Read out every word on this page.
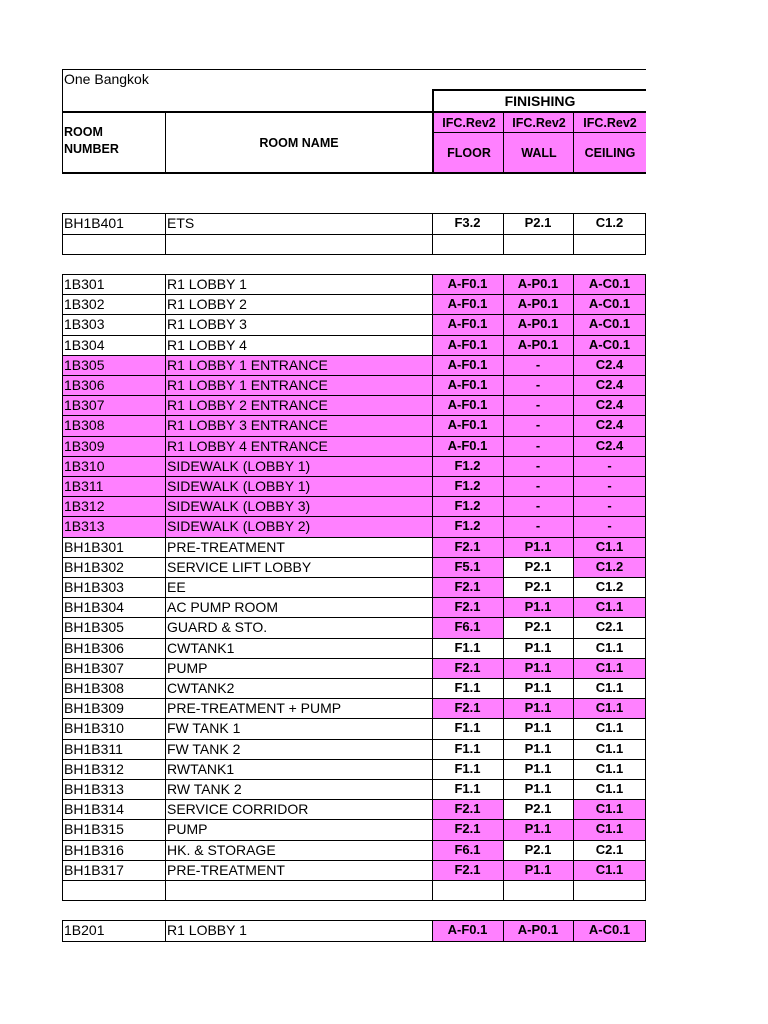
One Bangkok
FINISHING
ROOM NUMBER	ROOM NAME
IFC.Rev2	IFC.Rev2	IFC.Rev2
FLOOR	WALL	CEILING
BH1B401	ETS	F3.2	P2.1	C1.2
1B301	R1 LOBBY 1	A-F0.1	A-P0.1	A-C0.1
1B302	R1 LOBBY 2	A-F0.1	A-P0.1	A-C0.1
1B303	R1 LOBBY 3	A-F0.1	A-P0.1	A-C0.1
1B304	R1 LOBBY 4	A-F0.1	A-P0.1	A-C0.1
1B305	R1 LOBBY 1 ENTRANCE	A-F0.1	-	C2.4
1B306	R1 LOBBY 1 ENTRANCE	A-F0.1	-	C2.4
1B307	R1 LOBBY 2 ENTRANCE	A-F0.1	-	C2.4
1B308	R1 LOBBY 3 ENTRANCE	A-F0.1	-	C2.4
1B309	R1 LOBBY 4 ENTRANCE	A-F0.1	-	C2.4
1B310	SIDEWALK (LOBBY 1)	F1.2	-	-
1B311	SIDEWALK (LOBBY 1)	F1.2	-	-
1B312	SIDEWALK (LOBBY 3)	F1.2	-	-
1B313	SIDEWALK (LOBBY 2)	F1.2	-	-
BH1B301	PRE-TREATMENT	F2.1	P1.1	C1.1
BH1B302	SERVICE LIFT LOBBY	F5.1	P2.1	C1.2
BH1B303	EE	F2.1	P2.1	C1.2
BH1B304	AC PUMP ROOM	F2.1	P1.1	C1.1
BH1B305	GUARD & STO.	F6.1	P2.1	C2.1
BH1B306	CWTANK1	F1.1	P1.1	C1.1
BH1B307	PUMP	F2.1	P1.1	C1.1
BH1B308	CWTANK2	F1.1	P1.1	C1.1
BH1B309	PRE-TREATMENT + PUMP	F2.1	P1.1	C1.1
BH1B310	FW TANK 1	F1.1	P1.1	C1.1
BH1B311	FW TANK 2	F1.1	P1.1	C1.1
BH1B312	RWTANK1	F1.1	P1.1	C1.1
BH1B313	RW TANK 2	F1.1	P1.1	C1.1
BH1B314	SERVICE CORRIDOR	F2.1	P2.1	C1.1
BH1B315	PUMP	F2.1	P1.1	C1.1
BH1B316	HK. & STORAGE	F6.1	P2.1	C2.1
BH1B317	PRE-TREATMENT	F2.1	P1.1	C1.1
1B201	R1 LOBBY 1	A-F0.1	A-P0.1	A-C0.1
